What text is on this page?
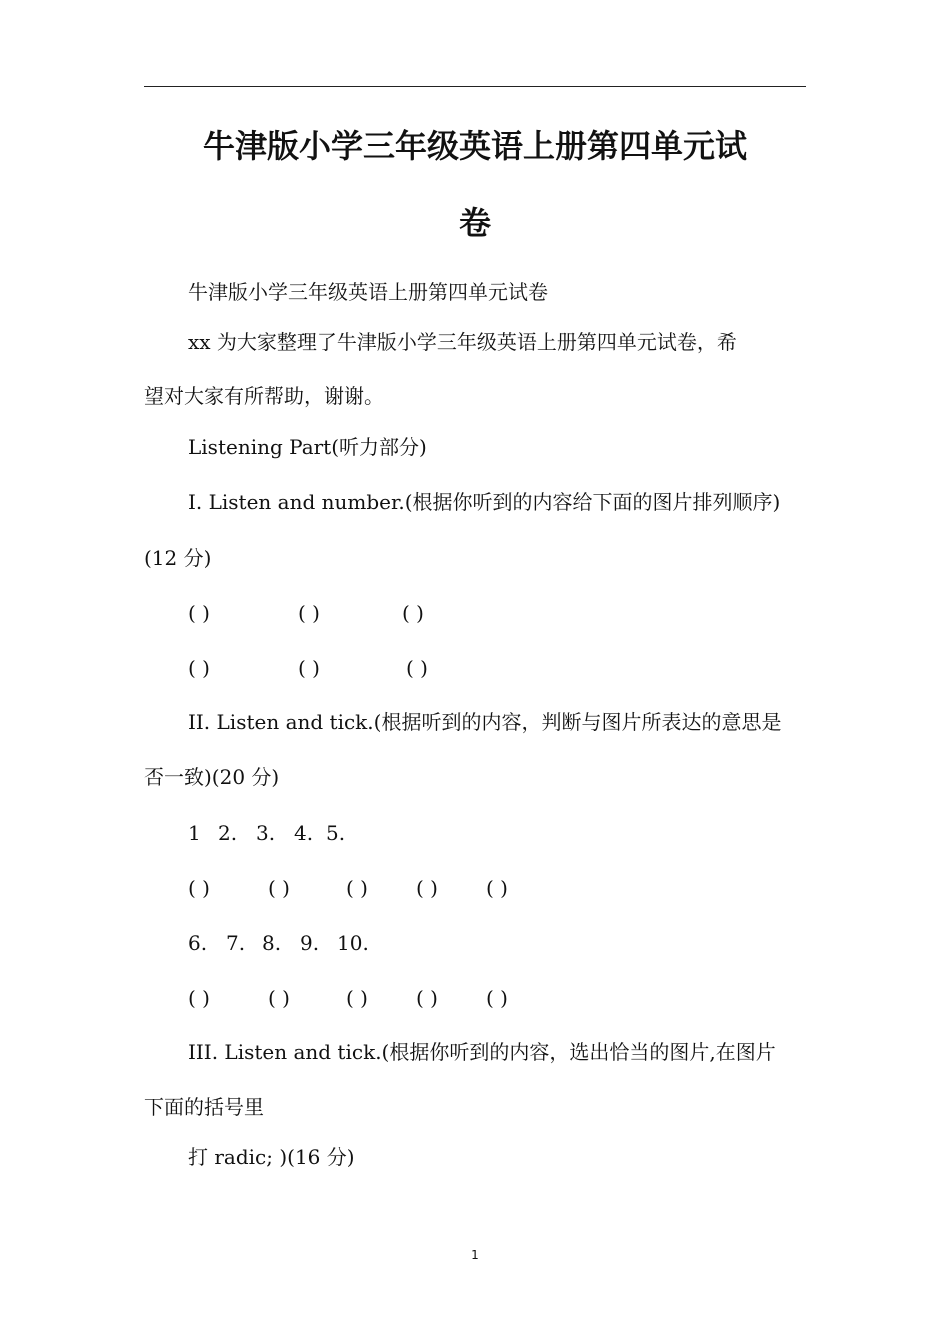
牛津版小学三年级英语上册第四单元试
卷
牛津版小学三年级英语上册第四单元试卷
xx 为大家整理了牛津版小学三年级英语上册第四单元试卷，希
望对大家有所帮助，谢谢。
Listening Part(听力部分)
I. Listen and number.(根据你听到的内容给下面的图片排列顺序)
(12 分)
( )	( )	( )
( )	( )	( )
II. Listen and tick.(根据听到的内容，判断与图片所表达的意思是
否一致)(20 分)
1 2. 3. 4. 5.
( )	( )	( ) ( ) ( )
6. 7. 8. 9. 10.
( )	( )	( ) ( ) ( )
III. Listen and tick.(根据你听到的内容，选出恰当的图片,在图片
下面的括号里
打 radic; )(16 分)
1
